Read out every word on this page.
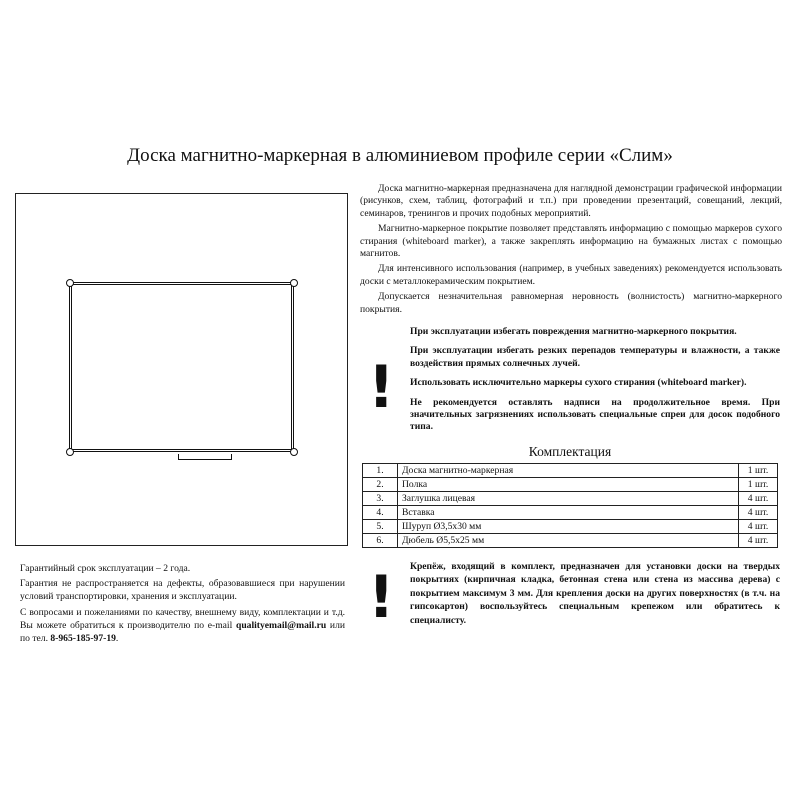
Доска магнитно-маркерная в алюминиевом профиле серии «Слим»

Доска магнитно-маркерная предназначена для наглядной демонстрации графической информации (рисунков, схем, таблиц, фотографий и т.п.) при проведении презентаций, совещаний, лекций, семинаров, тренингов и прочих подобных мероприятий.

Магнитно-маркерное покрытие позволяет представлять информацию с помощью маркеров сухого стирания (whiteboard marker), а также закреплять информацию на бумажных листах с помощью магнитов.

Для интенсивного использования (например, в учебных заведениях) рекомендуется использовать доски с металлокерамическим покрытием.

Допускается незначительная равномерная неровность (волнистость) магнитно-маркерного покрытия.

!

При эксплуатации избегать повреждения магнитно-маркерного покрытия.

При эксплуатации избегать резких перепадов температуры и влажности, а также воздействия прямых солнечных лучей.

Использовать исключительно маркеры сухого стирания (whiteboard marker).

Не рекомендуется оставлять надписи на продолжительное время. При значительных загрязнениях использовать специальные спреи для досок подобного типа.

Комплектация
1.	Доска магнитно-маркерная	1 шт.
2.	Полка	1 шт.
3.	Заглушка лицевая	4 шт.
4.	Вставка	4 шт.
5.	Шуруп Ø3,5х30 мм	4 шт.
6.	Дюбель Ø5,5х25 мм	4 шт.

Гарантийный срок эксплуатации – 2 года.

Гарантия не распространяется на дефекты, образовавшиеся при нарушении условий транспортировки, хранения и эксплуатации.

С вопросами и пожеланиями по качеству, внешнему виду, комплектации и т.д. Вы можете обратиться к производителю по e-mail qualityemail@mail.ru или по тел. 8-965-185-97-19.

! Крепёж, входящий в комплект, предназначен для установки доски на твердых покрытиях (кирпичная кладка, бетонная стена или стена из массива дерева) с покрытием максимум 3 мм. Для крепления доски на других поверхностях (в т.ч. на гипсокартон) воспользуйтесь специальным крепежом или обратитесь к специалисту.
